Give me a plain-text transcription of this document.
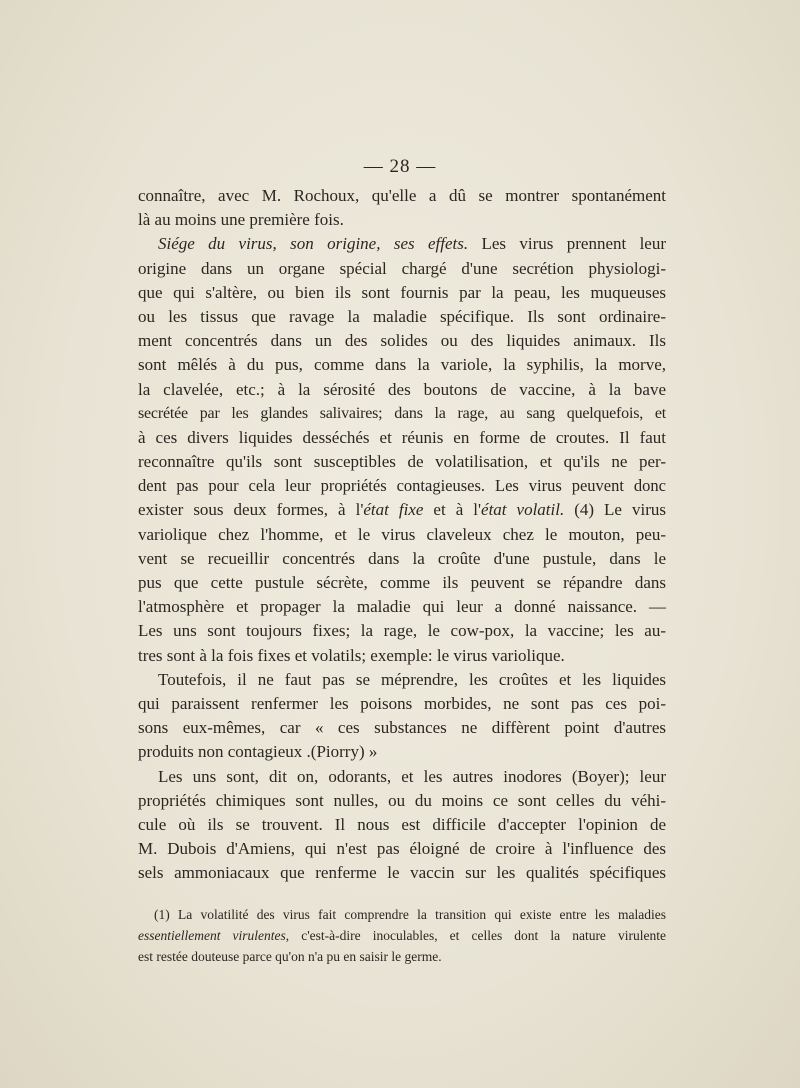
— 28 —
connaître, avec M. Rochoux, qu'elle a dû se montrer spontanément
là au moins une première fois.
Siége du virus, son origine, ses effets. Les virus prennent leur
origine dans un organe spécial chargé d'une secrétion physiologi-
que qui s'altère, ou bien ils sont fournis par la peau, les muqueuses
ou les tissus que ravage la maladie spécifique. Ils sont ordinaire-
ment concentrés dans un des solides ou des liquides animaux. Ils
sont mêlés à du pus, comme dans la variole, la syphilis, la morve,
la clavelée, etc.; à la sérosité des boutons de vaccine, à la bave
secrétée par les glandes salivaires; dans la rage, au sang quelquefois, et
à ces divers liquides desséchés et réunis en forme de croutes. Il faut
reconnaître qu'ils sont susceptibles de volatilisation, et qu'ils ne per-
dent pas pour cela leur propriétés contagieuses. Les virus peuvent donc
exister sous deux formes, à l'état fixe et à l'état volatil. (4) Le virus
variolique chez l'homme, et le virus claveleux chez le mouton, peu-
vent se recueillir concentrés dans la croûte d'une pustule, dans le
pus que cette pustule sécrète, comme ils peuvent se répandre dans
l'atmosphère et propager la maladie qui leur a donné naissance. —
Les uns sont toujours fixes; la rage, le cow-pox, la vaccine; les au-
tres sont à la fois fixes et volatils; exemple: le virus variolique.
Toutefois, il ne faut pas se méprendre, les croûtes et les liquides
qui paraissent renfermer les poisons morbides, ne sont pas ces poi-
sons eux-mêmes, car « ces substances ne diffèrent point d'autres
produits non contagieux .(Piorry) »
Les uns sont, dit on, odorants, et les autres inodores (Boyer); leur
propriétés chimiques sont nulles, ou du moins ce sont celles du véhi-
cule où ils se trouvent. Il nous est difficile d'accepter l'opinion de
M. Dubois d'Amiens, qui n'est pas éloigné de croire à l'influence des
sels ammoniacaux que renferme le vaccin sur les qualités spécifiques
(1) La volatilité des virus fait comprendre la transition qui existe entre les maladies
essentiellement virulentes, c'est-à-dire inoculables, et celles dont la nature virulente
est restée douteuse parce qu'on n'a pu en saisir le germe.
